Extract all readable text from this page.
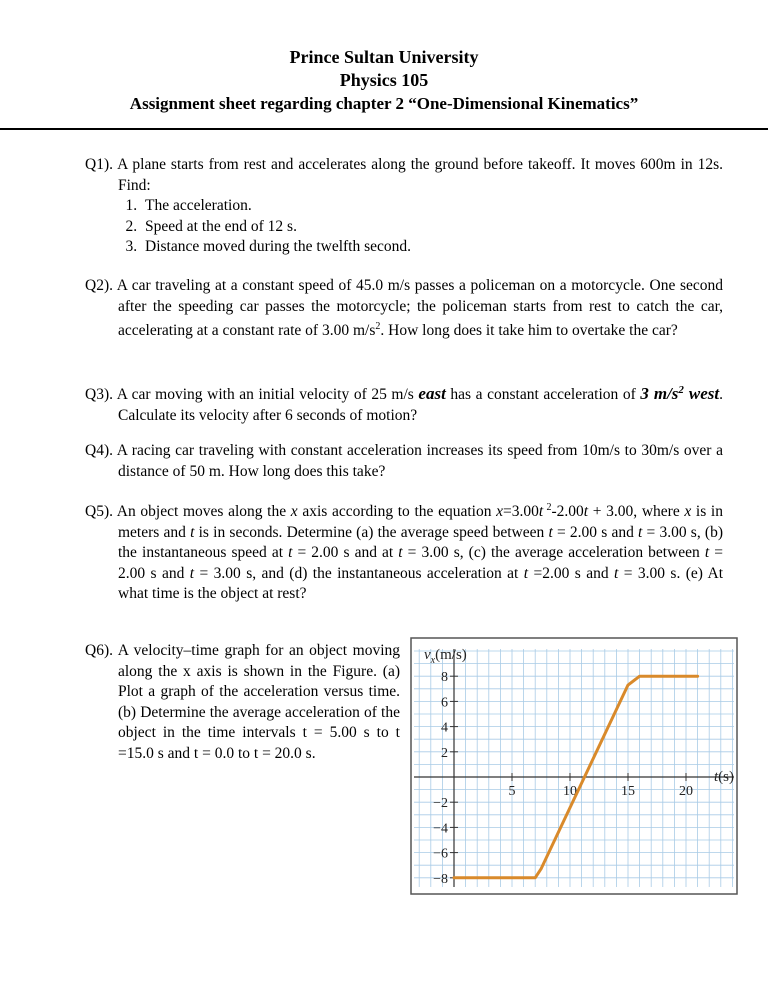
Prince Sultan University
Physics 105
Assignment sheet regarding chapter 2 “One-Dimensional Kinematics”
Q1). A plane starts from rest and accelerates along the ground before takeoff. It moves 600m in 12s. Find:
1. The acceleration.
2. Speed at the end of 12 s.
3. Distance moved during the twelfth second.
Q2). A car traveling at a constant speed of 45.0 m/s passes a policeman on a motorcycle. One second after the speeding car passes the motorcycle; the policeman starts from rest to catch the car, accelerating at a constant rate of 3.00 $m/s^2$. How long does it take him to overtake the car?
Q3). A car moving with an initial velocity of 25 m/s east has a constant acceleration of 3 $m/s^2$ west. Calculate its velocity after 6 seconds of motion?
Q4). A racing car traveling with constant acceleration increases its speed from 10m/s to 30m/s over a distance of 50 m. How long does this take?
Q5). An object moves along the x axis according to the equation x=3.00t $^2$-2.00t + 3.00, where x is in meters and t is in seconds. Determine (a) the average speed between t = 2.00 s and t = 3.00 s, (b) the instantaneous speed at t = 2.00 s and at t = 3.00 s, (c) the average acceleration between t = 2.00 s and t = 3.00 s, and (d) the instantaneous acceleration at t =2.00 s and t = 3.00 s. (e) At what time is the object at rest?
Q6). A velocity–time graph for an object moving along the x axis is shown in the Figure. (a) Plot a graph of the acceleration versus time. (b) Determine the average acceleration of the object in the time intervals t = 5.00 s to t =15.0 s and t = 0.0 to t = 20.0 s.
5	10	15	20
8
6
4
2
−2
−4
−6
−8
$v_x(m/s)$
t(s)
